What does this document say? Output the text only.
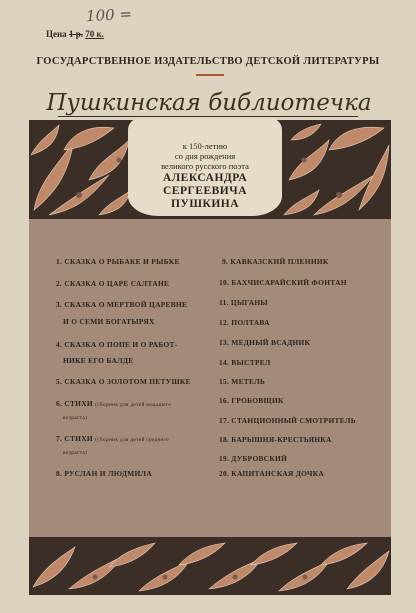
100 =
Цена 1 р. 70 к.
ГОСУДАРСТВЕННОЕ ИЗДАТЕЛЬСТВО ДЕТСКОЙ ЛИТЕРАТУРЫ
Пушкинская библиотечка
к 150-летию
со дня рождения
великого русского поэта
АЛЕКСАНДРА СЕРГЕЕВИЧА
ПУШКИНА
1. СКАЗКА О РЫБАКЕ И РЫБКЕ
2. СКАЗКА О ЦАРЕ САЛТАНЕ
3. СКАЗКА О МЕРТВОЙ ЦАРЕВНЕ
И О СЕМИ БОГАТЫРЯХ
4. СКАЗКА О ПОПЕ И О РАБОТ-
НИКЕ ЕГО БАЛДЕ
5. СКАЗКА О ЗОЛОТОМ ПЕТУШКЕ
6. СТИХИ (сборник для детей младшего
возраста)
7. СТИХИ (сборник для детей среднего
возраста)
8. РУСЛАН И ЛЮДМИЛА
9. КАВКАЗСКИЙ ПЛЕННИК
10. БАХЧИСАРАЙСКИЙ ФОНТАН
11. ЦЫГАНЫ
12. ПОЛТАВА
13. МЕДНЫЙ ВСАДНИК
14. ВЫСТРЕЛ
15. МЕТЕЛЬ
16. ГРОБОВЩИК
17. СТАНЦИОННЫЙ СМОТРИТЕЛЬ
18. БАРЫШНЯ-КРЕСТЬЯНКА
19. ДУБРОВСКИЙ
20. КАПИТАНСКАЯ ДОЧКА
